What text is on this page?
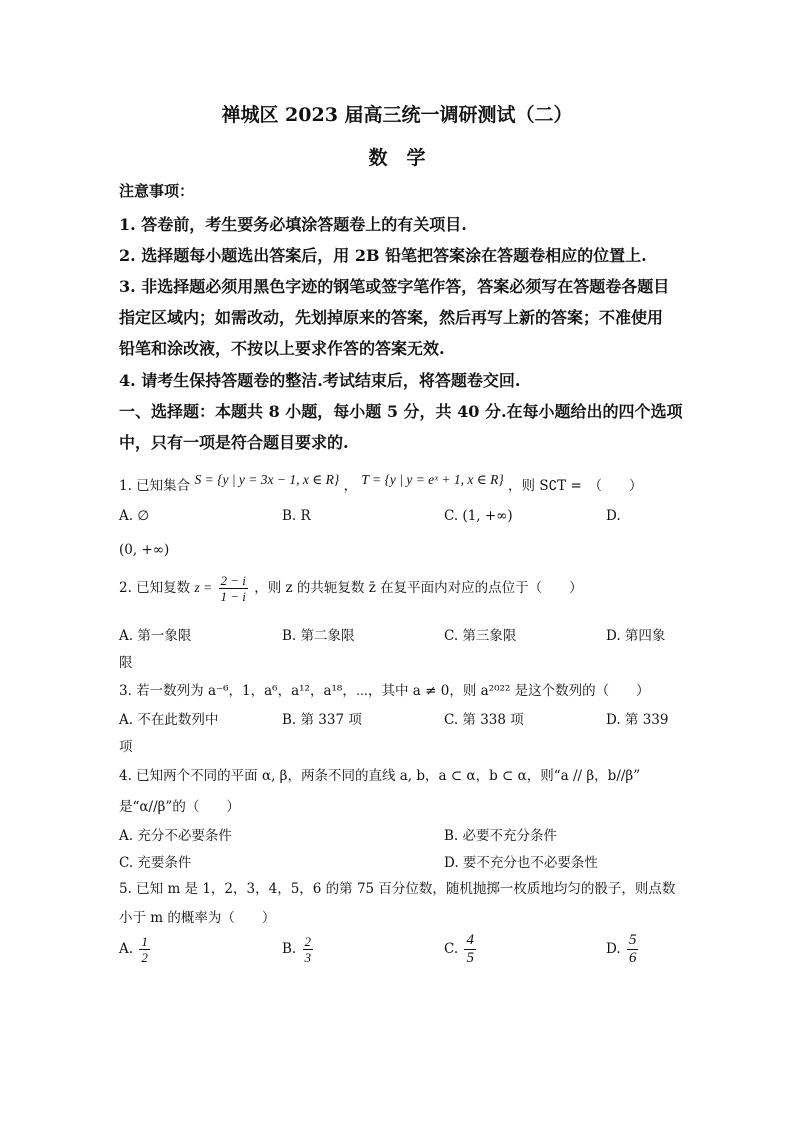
禅城区 2023 届高三统一调研测试（二）
数　学
注意事项：
1. 答卷前，考生要务必填涂答题卷上的有关项目.
2. 选择题每小题选出答案后，用 2B 铅笔把答案涂在答题卷相应的位置上.
3. 非选择题必须用黑色字迹的钢笔或签字笔作答，答案必须写在答题卷各题目
指定区域内；如需改动，先划掉原来的答案，然后再写上新的答案；不准使用
铅笔和涂改液，不按以上要求作答的答案无效.
4. 请考生保持答题卷的整洁.考试结束后，将答题卷交回.
一、选择题：本题共 8 小题，每小题 5 分，共 40 分.在每小题给出的四个选项
中，只有一项是符合题目要求的.
1. 已知集合 S = {y | y = 3x − 1, x ∈ R} ， T = {y | y = eˣ + 1, x ∈ R} ，则 S∁T =　（　　）
A. ∅	B. R	C. (1, +∞)	D.
(0, +∞)
2. 已知复数 $z = \frac{2 - i}{1 - i}$ ，则 z 的共轭复数 z̄ 在复平面内对应的点位于（　　）
A. 第一象限	B. 第二象限	C. 第三象限	D. 第四象
限
3. 若一数列为 a⁻⁶，1，a⁶，a¹²，a¹⁸，⋯，其中 a ≠ 0，则 a²⁰²² 是这个数列的（　　）
A. 不在此数列中	B. 第 337 项	C. 第 338 项	D. 第 339
项
4. 已知两个不同的平面 α, β，两条不同的直线 a, b，a ⊂ α，b ⊂ α，则“a // β，b//β”
是“α//β”的（　　）
A. 充分不必要条件	B. 必要不充分条件
C. 充要条件	D. 要不充分也不必要条性
5. 已知 m 是 1，2，3，4，5，6 的第 75 百分位数，随机抛掷一枚质地均匀的骰子，则点数
小于 m 的概率为（　　）
A. $\frac{1}{2}$	B. $\frac{2}{3}$	C. $\frac{4}{5}$	D. $\frac{5}{6}$
